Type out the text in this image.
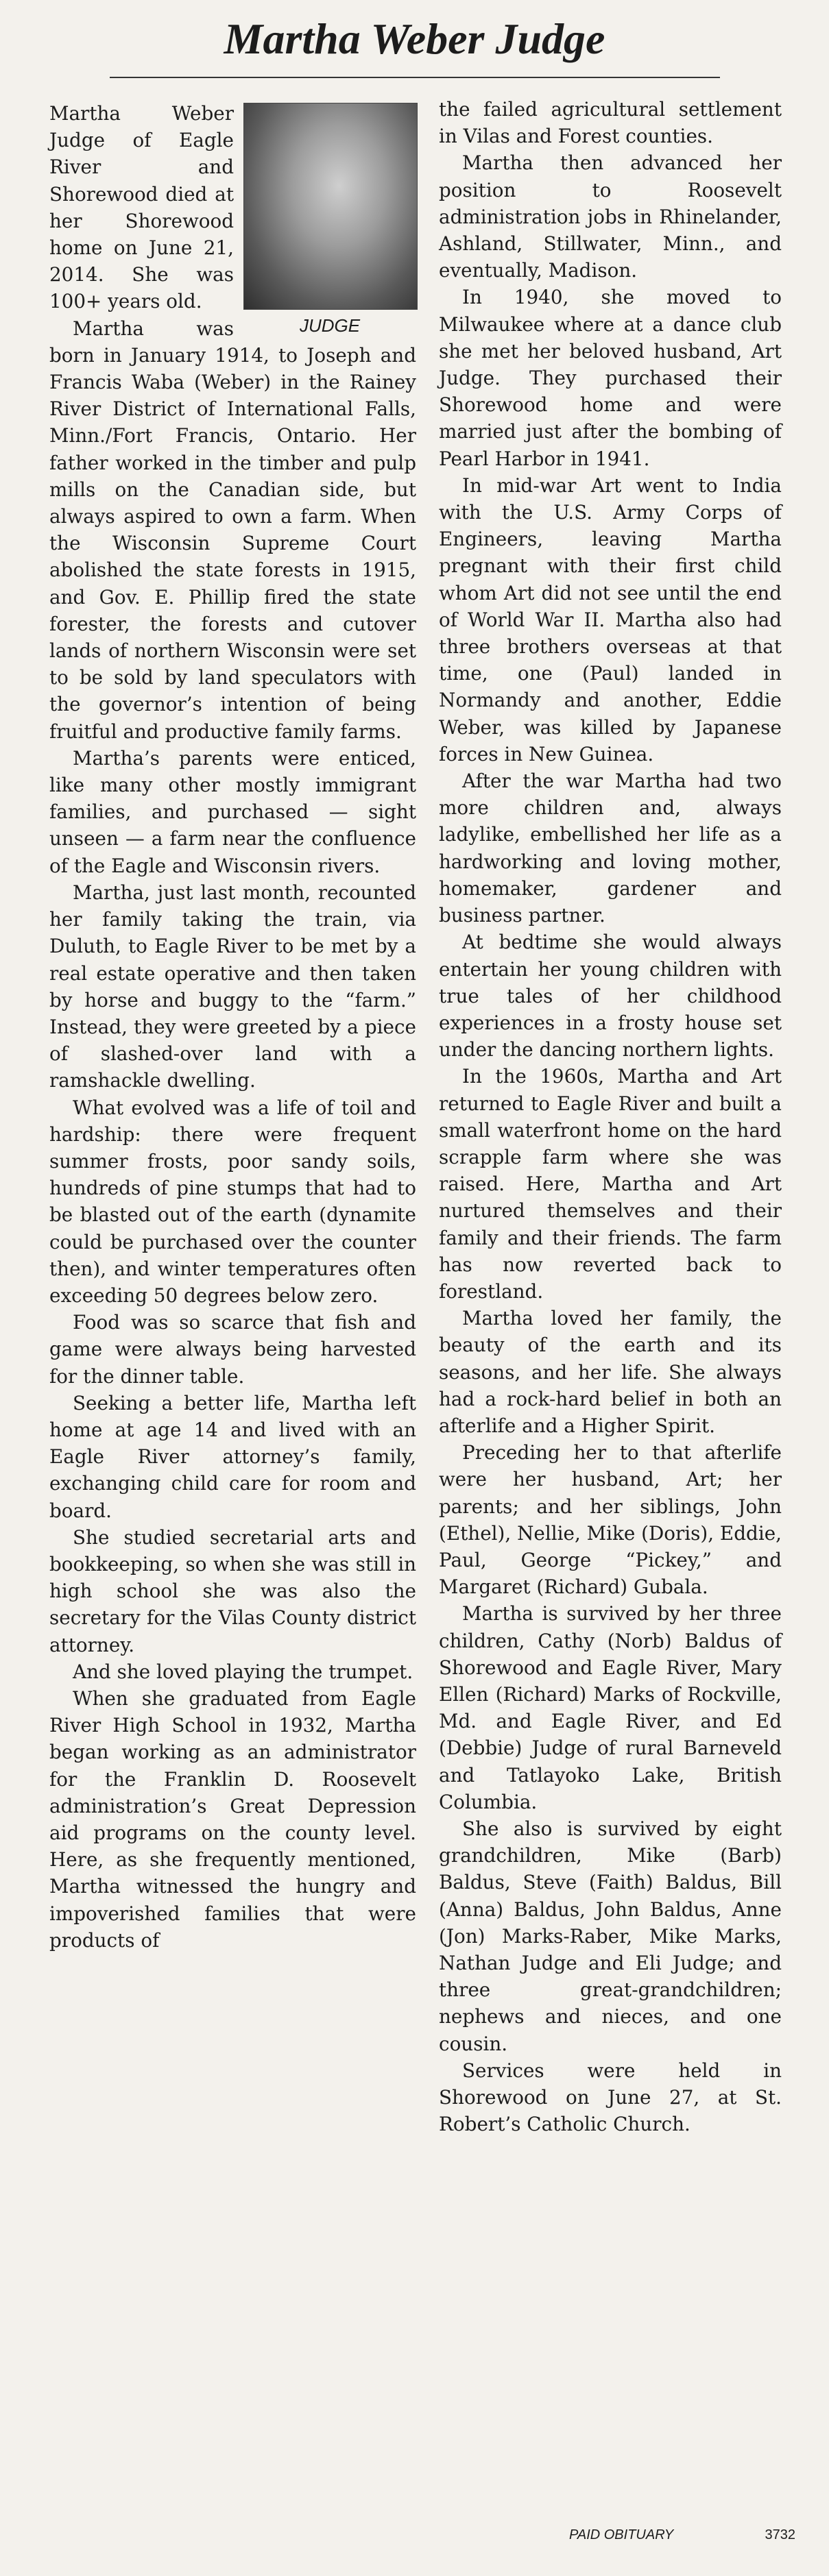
Martha Weber Judge
JUDGE

Martha Weber Judge of Eagle River and Shorewood died at her Shorewood home on June 21, 2014. She was 100+ years old.

Martha was born in January 1914, to Joseph and Francis Waba (Weber) in the Rainey River District of International Falls, Minn./Fort Francis, Ontario. Her father worked in the timber and pulp mills on the Canadian side, but always aspired to own a farm. When the Wisconsin Supreme Court abolished the state forests in 1915, and Gov. E. Phillip fired the state forester, the forests and cutover lands of northern Wisconsin were set to be sold by land speculators with the governor’s intention of being fruitful and productive family farms.

Martha’s parents were enticed, like many other mostly immigrant families, and purchased — sight unseen — a farm near the confluence of the Eagle and Wisconsin rivers.

Martha, just last month, recounted her family taking the train, via Duluth, to Eagle River to be met by a real estate operative and then taken by horse and buggy to the “farm.” Instead, they were greeted by a piece of slashed-over land with a ramshackle dwelling.

What evolved was a life of toil and hardship: there were frequent summer frosts, poor sandy soils, hundreds of pine stumps that had to be blasted out of the earth (dynamite could be purchased over the counter then), and winter temperatures often exceeding 50 degrees below zero.

Food was so scarce that fish and game were always being harvested for the dinner table.

Seeking a better life, Martha left home at age 14 and lived with an Eagle River attorney’s family, exchanging child care for room and board.

She studied secretarial arts and bookkeeping, so when she was still in high school she was also the secretary for the Vilas County district attorney.

And she loved playing the trumpet.

When she graduated from Eagle River High School in 1932, Martha began working as an administrator for the Franklin D. Roosevelt administration’s Great Depression aid programs on the county level. Here, as she frequently mentioned, Martha witnessed the hungry and impoverished families that were products of

the failed agricultural settlement in Vilas and Forest counties.

Martha then advanced her position to Roosevelt administration jobs in Rhinelander, Ashland, Stillwater, Minn., and eventually, Madison.

In 1940, she moved to Milwaukee where at a dance club she met her beloved husband, Art Judge. They purchased their Shorewood home and were married just after the bombing of Pearl Harbor in 1941.

In mid-war Art went to India with the U.S. Army Corps of Engineers, leaving Martha pregnant with their first child whom Art did not see until the end of World War II. Martha also had three brothers overseas at that time, one (Paul) landed in Normandy and another, Eddie Weber, was killed by Japanese forces in New Guinea.

After the war Martha had two more children and, always ladylike, embellished her life as a hardworking and loving mother, homemaker, gardener and business partner.

At bedtime she would always entertain her young children with true tales of her childhood experiences in a frosty house set under the dancing northern lights.

In the 1960s, Martha and Art returned to Eagle River and built a small waterfront home on the hard scrapple farm where she was raised. Here, Martha and Art nurtured themselves and their family and their friends. The farm has now reverted back to forestland.

Martha loved her family, the beauty of the earth and its seasons, and her life. She always had a rock-hard belief in both an afterlife and a Higher Spirit.

Preceding her to that afterlife were her husband, Art; her parents; and her siblings, John (Ethel), Nellie, Mike (Doris), Eddie, Paul, George “Pickey,” and Margaret (Richard) Gubala.

Martha is survived by her three children, Cathy (Norb) Baldus of Shorewood and Eagle River, Mary Ellen (Richard) Marks of Rockville, Md. and Eagle River, and Ed (Debbie) Judge of rural Barneveld and Tatlayoko Lake, British Columbia.

She also is survived by eight grandchildren, Mike (Barb) Baldus, Steve (Faith) Baldus, Bill (Anna) Baldus, John Baldus, Anne (Jon) Marks-Raber, Mike Marks, Nathan Judge and Eli Judge; and three great-grandchildren; nephews and nieces, and one cousin.

Services were held in Shorewood on June 27, at St. Robert’s Catholic Church.

PAID OBITUARY	3732
